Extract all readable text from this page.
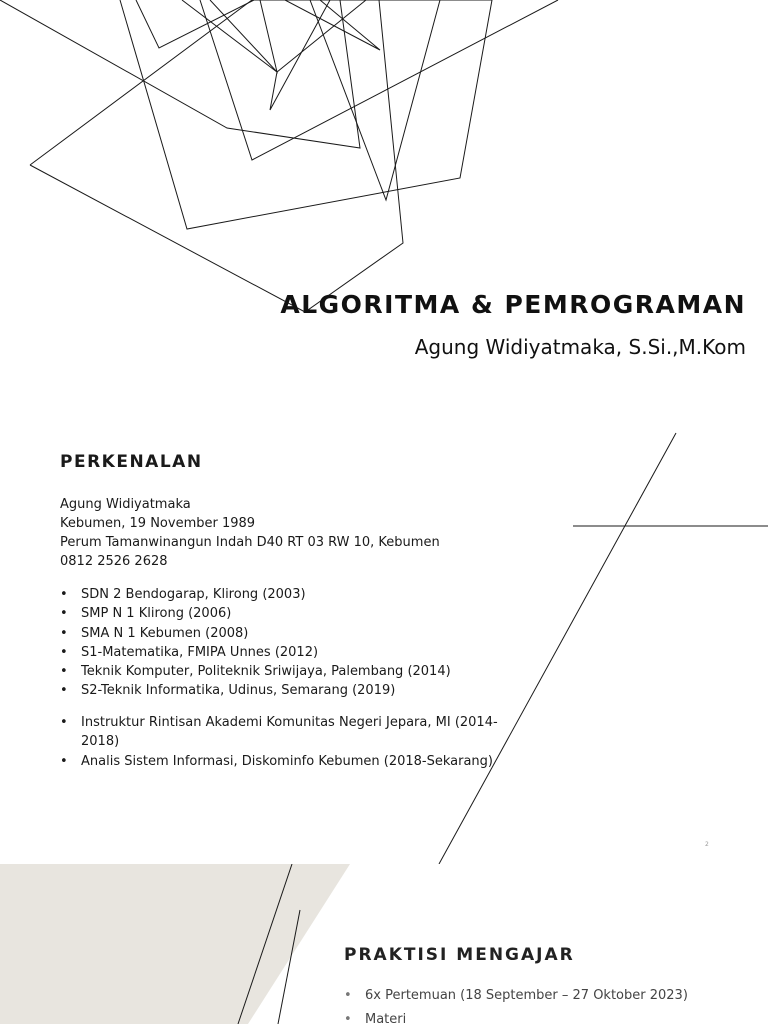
ALGORITMA & PEMROGRAMAN

Agung Widiyatmaka, S.Si.,M.Kom

PERKENALAN
Agung Widiyatmaka
Kebumen, 19 November 1989
Perum Tamanwinangun Indah D40 RT 03 RW 10, Kebumen
0812 2526 2628
• SDN 2 Bendogarap, Klirong (2003)
• SMP N 1 Klirong (2006)
• SMA N 1 Kebumen (2008)
• S1-Matematika, FMIPA Unnes (2012)
• Teknik Komputer, Politeknik Sriwijaya, Palembang (2014)
• S2-Teknik Informatika, Udinus, Semarang (2019)
• Instruktur Rintisan Akademi Komunitas Negeri Jepara, MI (2014-2018)
• Analis Sistem Informasi, Diskominfo Kebumen (2018-Sekarang)
2
PRAKTISI MENGAJAR
• 6x Pertemuan (18 September – 27 Oktober 2023)
• Materi
